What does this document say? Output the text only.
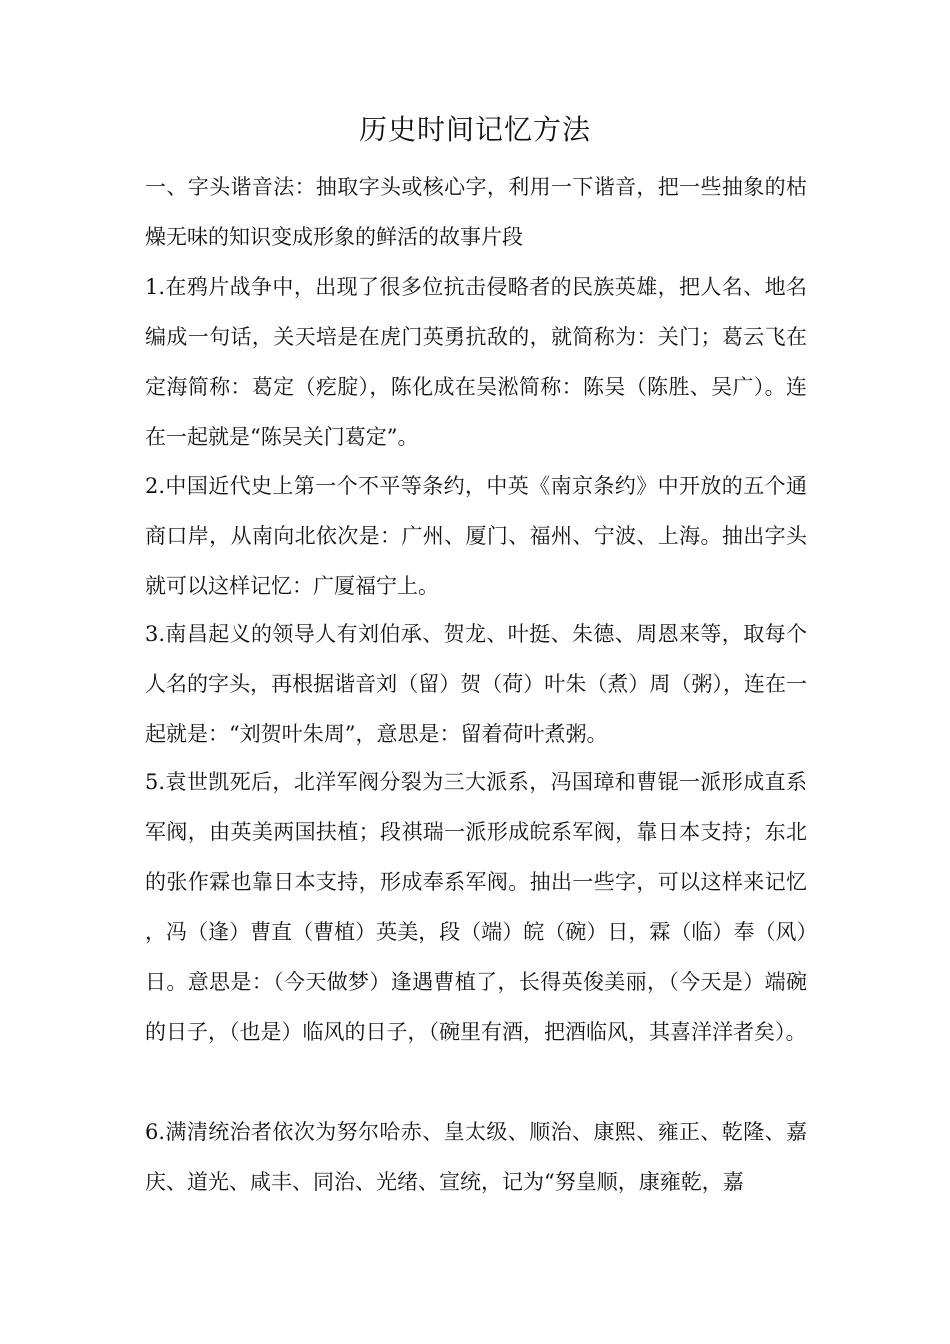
历史时间记忆方法
一、字头谐音法：抽取字头或核心字，利用一下谐音，把一些抽象的枯燥无味的知识变成形象的鲜活的故事片段
1.在鸦片战争中，出现了很多位抗击侵略者的民族英雄，把人名、地名编成一句话，关天培是在虎门英勇抗敌的，就简称为：关门；葛云飞在定海简称：葛定（疙腚），陈化成在吴淞简称：陈吴（陈胜、吴广）。连在一起就是“陈吴关门葛定”。
2.中国近代史上第一个不平等条约，中英《南京条约》中开放的五个通商口岸，从南向北依次是：广州、厦门、福州、宁波、上海。抽出字头就可以这样记忆：广厦福宁上。
3.南昌起义的领导人有刘伯承、贺龙、叶挺、朱德、周恩来等，取每个人名的字头，再根据谐音刘（留）贺（荷）叶朱（煮）周（粥），连在一起就是：“刘贺叶朱周”，意思是：留着荷叶煮粥。
5.袁世凯死后，北洋军阀分裂为三大派系，冯国璋和曹锟一派形成直系军阀，由英美两国扶植；段祺瑞一派形成皖系军阀，靠日本支持；东北的张作霖也靠日本支持，形成奉系军阀。抽出一些字，可以这样来记忆，冯（逢）曹直（曹植）英美，段（端）皖（碗）日，霖（临）奉（风）日。意思是：（今天做梦）逢遇曹植了，长得英俊美丽，（今天是）端碗的日子，（也是）临风的日子，（碗里有酒，把酒临风，其喜洋洋者矣）。
6.满清统治者依次为努尔哈赤、皇太级、顺治、康熙、雍正、乾隆、嘉庆、道光、咸丰、同治、光绪、宣统，记为“努皇顺，康雍乾，嘉
